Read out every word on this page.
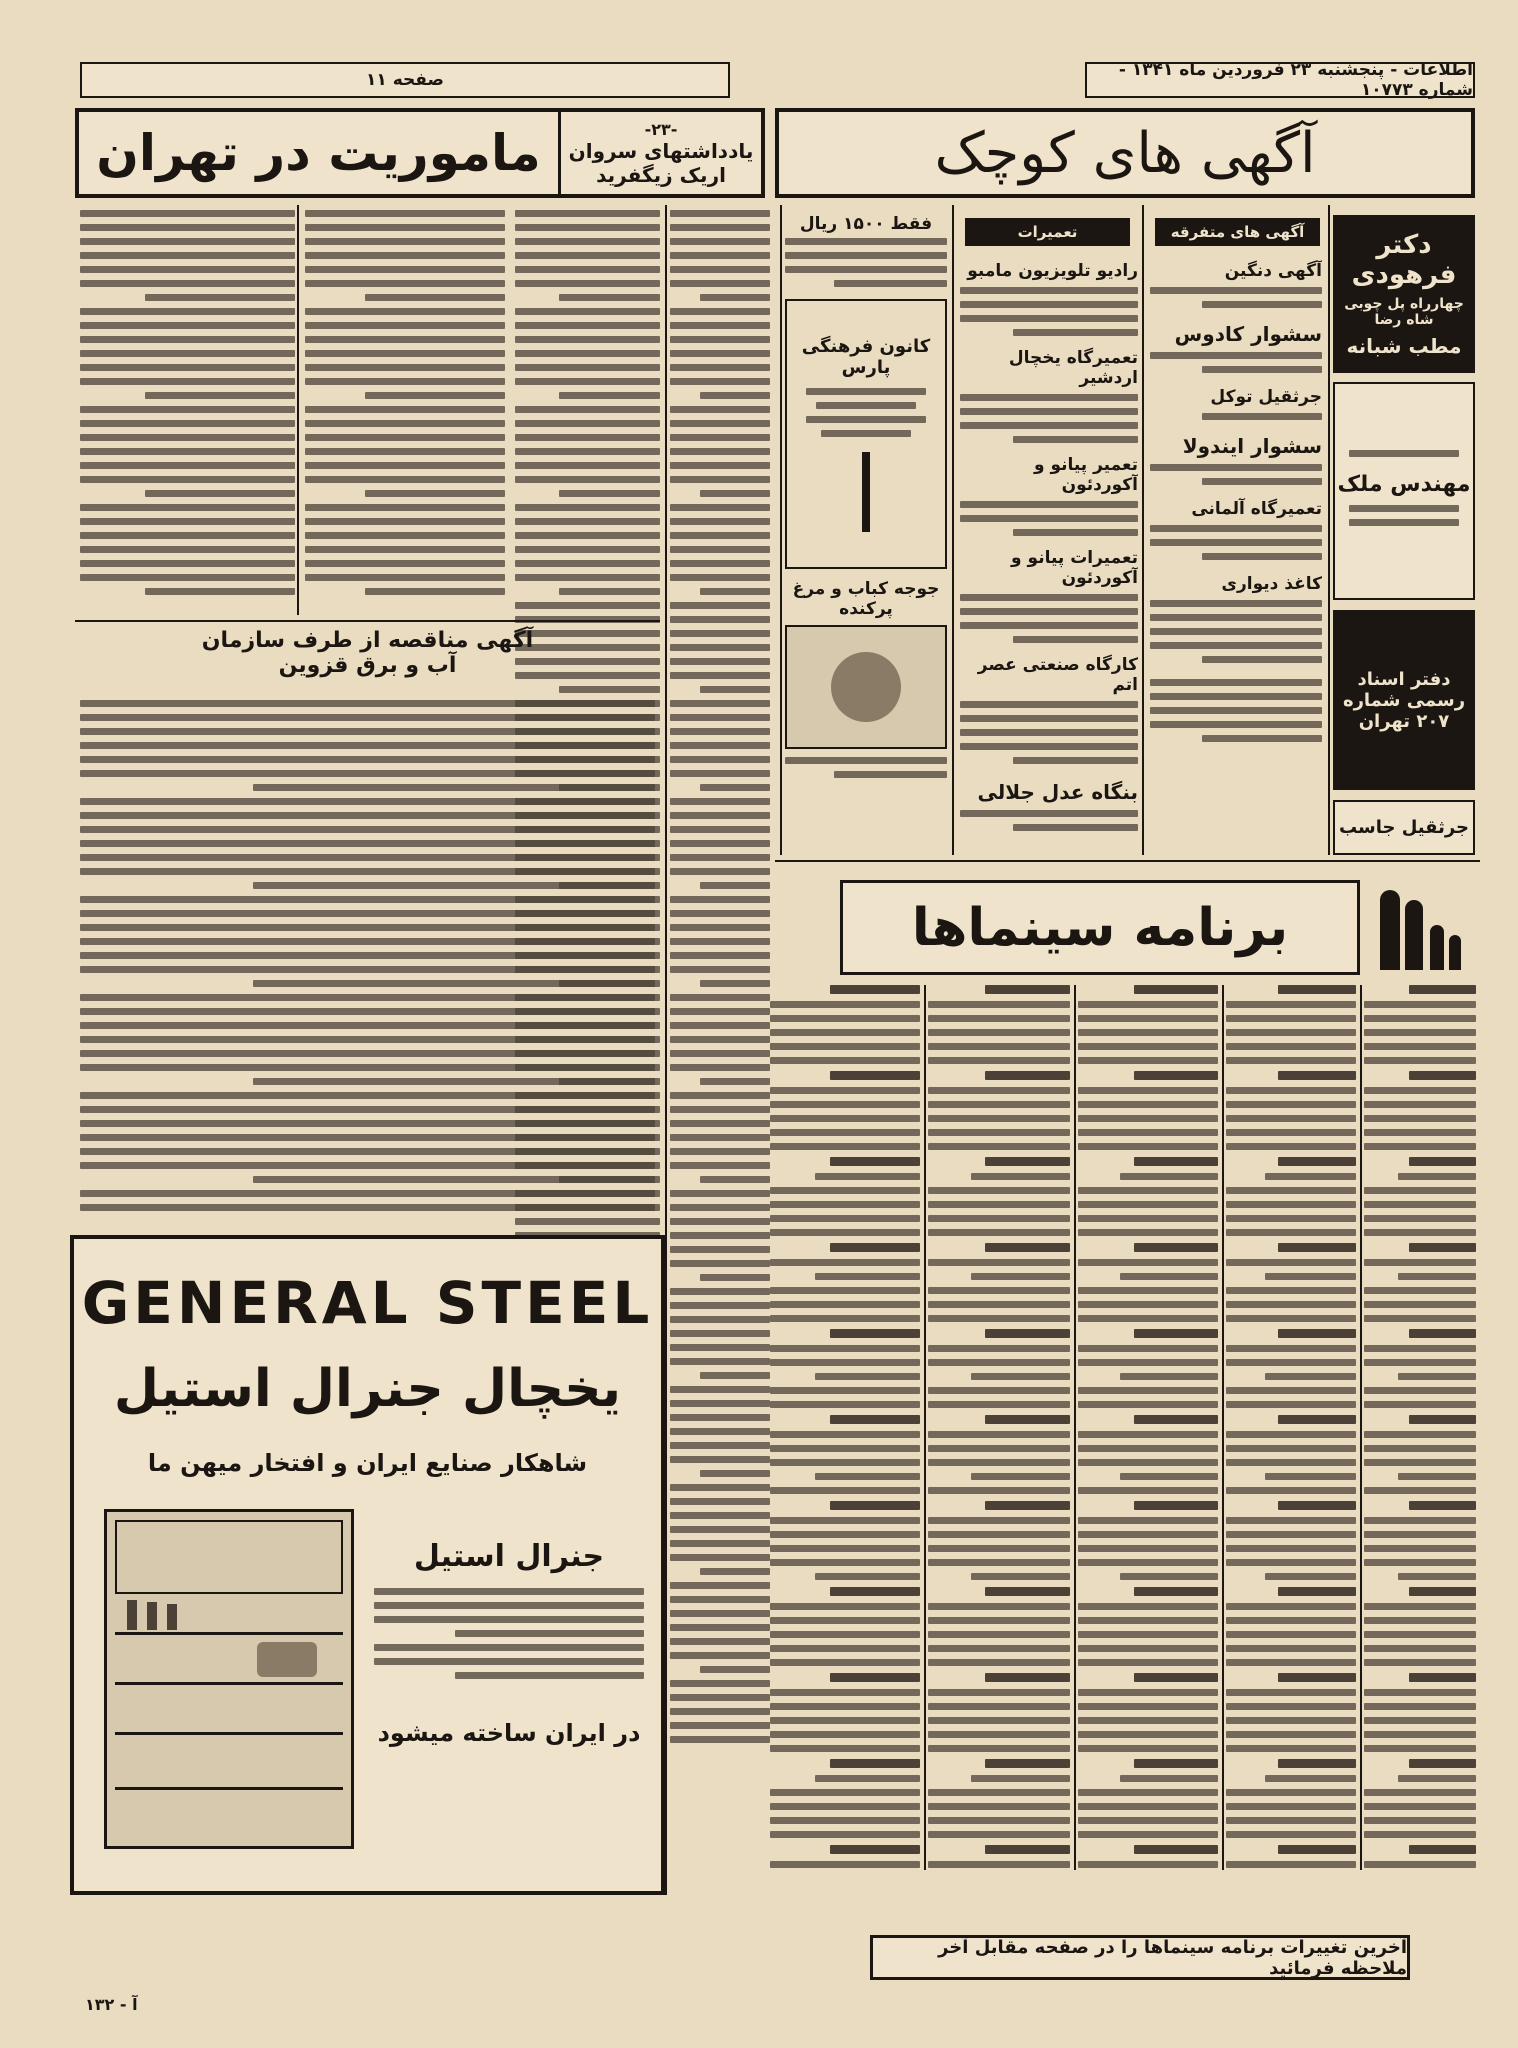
صفحه ۱۱	اطلاعات - پنجشنبه ۲۳ فروردین ماه ۱۳۴۱ - شماره ۱۰۷۷۳
-۲۳-
یادداشتهای سروان
اریک زیگفرید
ماموریت در تهران	آگهی های کوچک
آگهی مناقصه از طرف سازمان
آب و برق قزوین
GENERAL STEEL
یخچال جنرال استیل
شاهکار صنایع ایران و افتخار میهن ما
جنرال استیل
در ایران ساخته میشود
آ - ۱۳۲
دکتر فرهودی
چهارراه پل چوبی شاه رضا
مطب شبانه
مهندس ملک
دفتر اسناد رسمی شماره ۲۰۷ تهران
جرثقیل جاسب
آگهی های متفرقه
تعمیرات
آگهی دنگین
سشوار کادوس
جرثقیل توکل
سشوار ایندولا
تعمیرگاه آلمانی
کاغذ دیواری
رادیو تلویزیون مامبو
تعمیرگاه یخچال اردشیر
تعمیر پیانو و آکوردئون
تعمیرات پیانو و آکوردئون
کارگاه صنعتی عصر اتم
بنگاه عدل جلالی
فقط ۱۵۰۰ ریال
کانون فرهنگی پارس
جوجه کباب و مرغ پرکنده
برنامه سینماها
آخرین تغییرات برنامه سینماها را در صفحه مقابل آخر ملاحظه فرمائید
